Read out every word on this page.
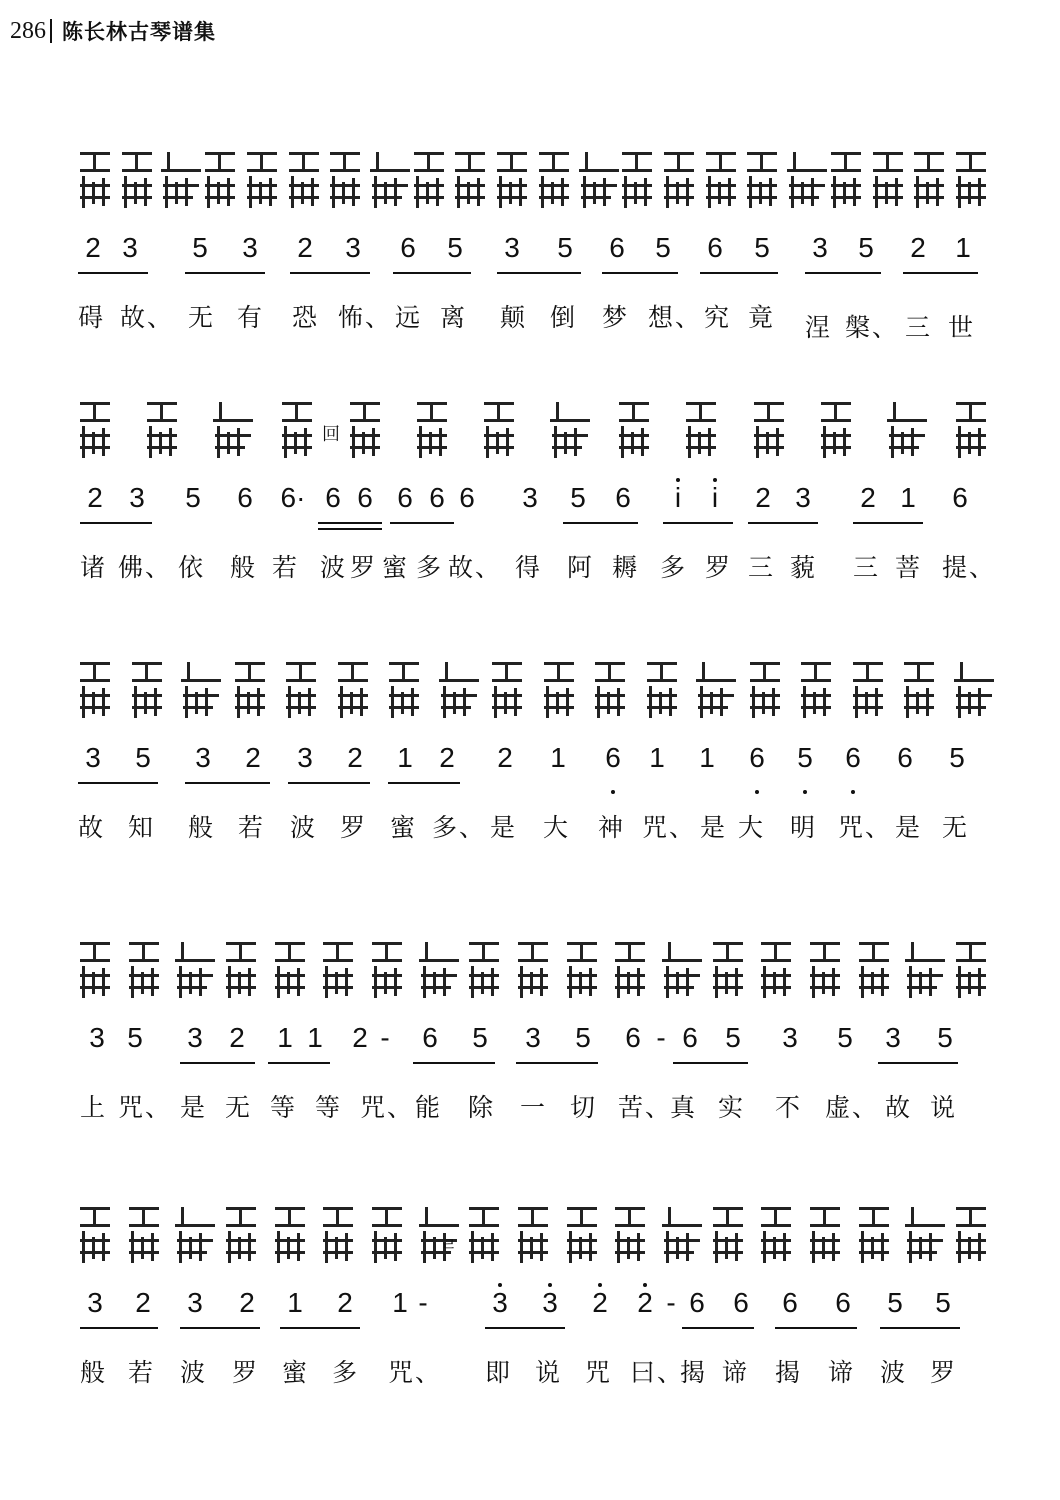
286 陈长林古琴谱集
2 3 5 3 2 3 6 5 3 5 6 5 6 5 3 5 2 1
碍 故、 无 有 恐 怖、 远 离 颠 倒 梦 想、 究 竟 涅 槃、 三 世
回
2 3 5 6 6· 6 6 6 6 6 3 5 6	i	i	2 3 2 1 6
诸 佛、 依 般 若 波 罗 蜜 多 故、 得 阿 耨 多 罗 三 藐 三 菩 提、
3 5 3 2 3 2 1 2 2 1 6 1 1 6 5 6 6 5
故 知 般 若 波 罗 蜜 多、 是 大 神 咒、 是 大 明 咒、 是 无
3 5 3 2 1 1 2 -	6 5 3 5 6 - 6 5 3 5 3 5
上 咒、 是 无 等 等 咒、 能 除 一 切 苦、
真 实 不 虚、 故 说
ㄹ
3 2 3 2 1 2 1 -	3 3 2 2 - 6 6 6 6 5 5
般 若 波 罗 蜜 多 咒、 即 说 咒 曰、
揭 谛 揭 谛 波 罗
